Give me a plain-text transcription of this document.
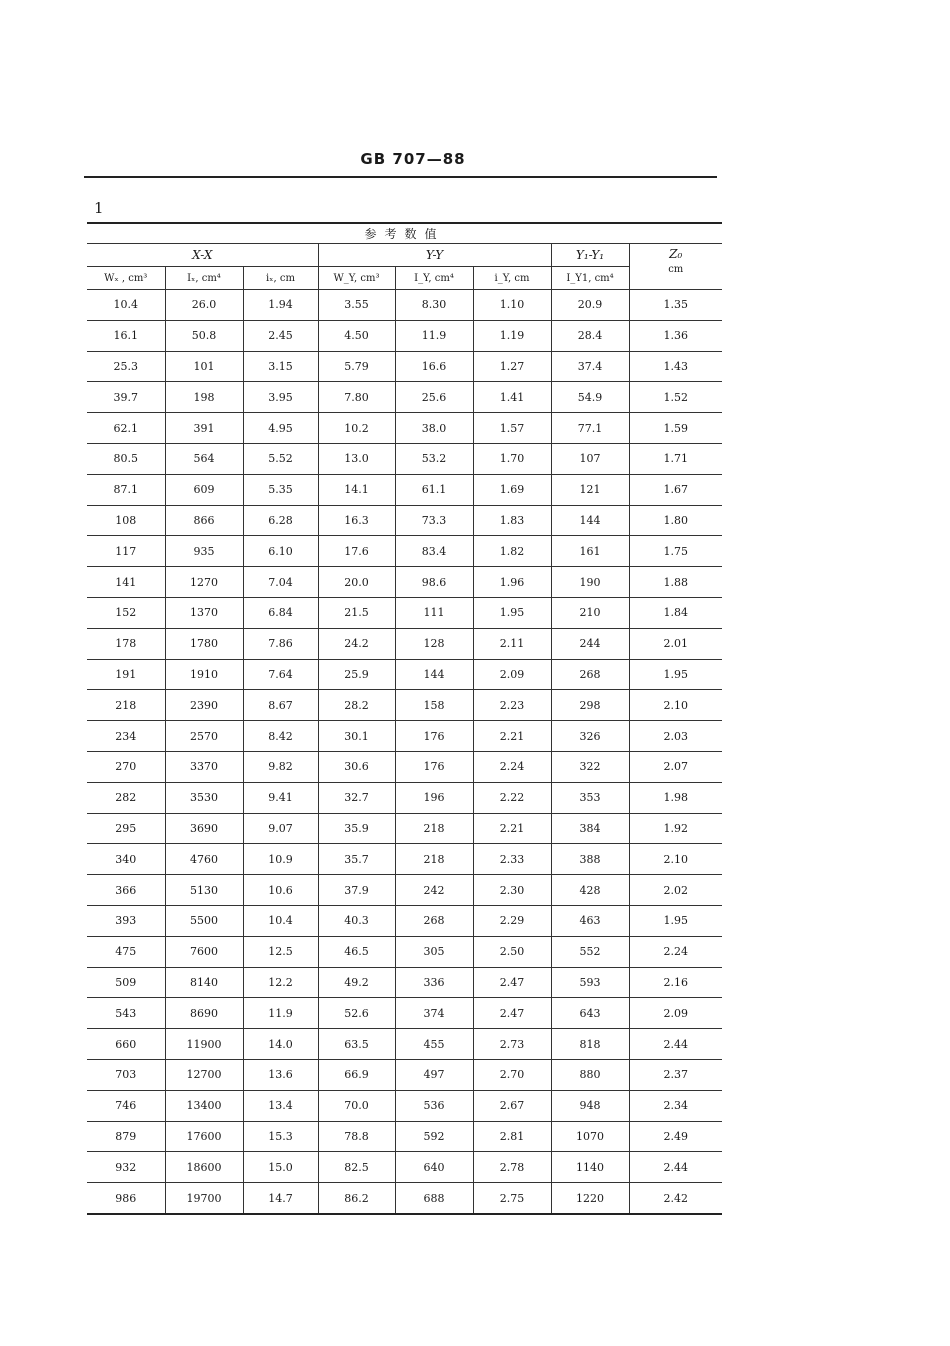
GB 707—88
1
参考数值							
X-X			Y-Y			Y₁-Y₁	Z₀
cm

Wₓ , cm³	Iₓ, cm⁴	iₓ, cm	W_Y, cm³	I_Y, cm⁴	i_Y, cm	I_Y1, cm⁴	
10.4	26.0	1.94	3.55	8.30	1.10	20.9	1.35
16.1	50.8	2.45	4.50	11.9	1.19	28.4	1.36
25.3	101	3.15	5.79	16.6	1.27	37.4	1.43
39.7	198	3.95	7.80	25.6	1.41	54.9	1.52
62.1	391	4.95	10.2	38.0	1.57	77.1	1.59
80.5	564	5.52	13.0	53.2	1.70	107	1.71
87.1	609	5.35	14.1	61.1	1.69	121	1.67
108	866	6.28	16.3	73.3	1.83	144	1.80
117	935	6.10	17.6	83.4	1.82	161	1.75
141	1270	7.04	20.0	98.6	1.96	190	1.88
152	1370	6.84	21.5	111	1.95	210	1.84
178	1780	7.86	24.2	128	2.11	244	2.01
191	1910	7.64	25.9	144	2.09	268	1.95
218	2390	8.67	28.2	158	2.23	298	2.10
234	2570	8.42	30.1	176	2.21	326	2.03
270	3370	9.82	30.6	176	2.24	322	2.07
282	3530	9.41	32.7	196	2.22	353	1.98
295	3690	9.07	35.9	218	2.21	384	1.92
340	4760	10.9	35.7	218	2.33	388	2.10
366	5130	10.6	37.9	242	2.30	428	2.02
393	5500	10.4	40.3	268	2.29	463	1.95
475	7600	12.5	46.5	305	2.50	552	2.24
509	8140	12.2	49.2	336	2.47	593	2.16
543	8690	11.9	52.6	374	2.47	643	2.09
660	11900	14.0	63.5	455	2.73	818	2.44
703	12700	13.6	66.9	497	2.70	880	2.37
746	13400	13.4	70.0	536	2.67	948	2.34
879	17600	15.3	78.8	592	2.81	1070	2.49
932	18600	15.0	82.5	640	2.78	1140	2.44
986	19700	14.7	86.2	688	2.75	1220	2.42
